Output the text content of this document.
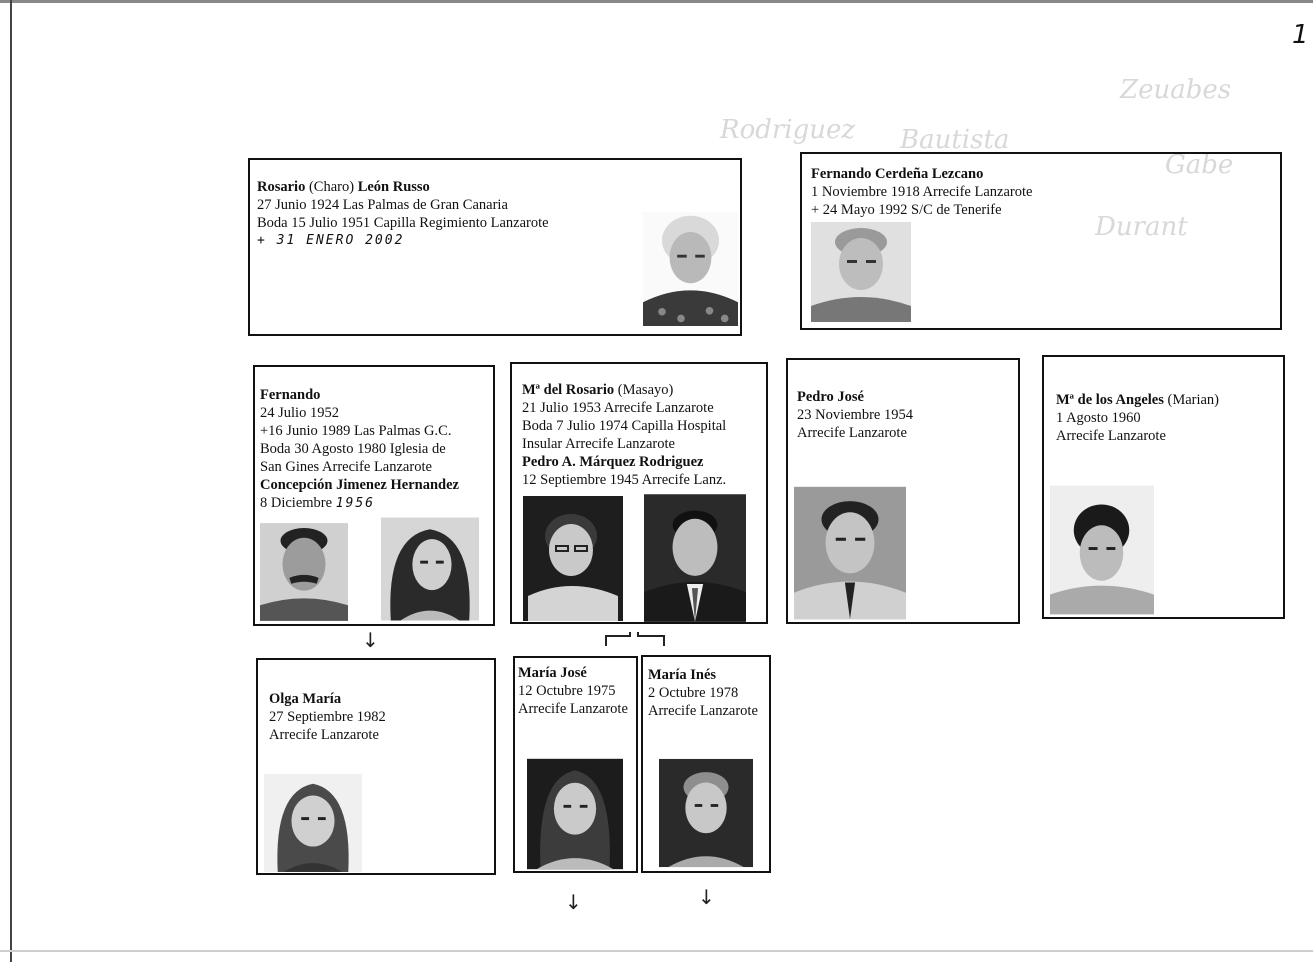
1
Zeuabes
Gabe
Rodriguez Bautista
Durant
Rosario (Charo) León Russo
27 Junio 1924 Las Palmas de Gran Canaria
Boda 15 Julio 1951 Capilla Regimiento Lanzarote
+ 31 ENERO 2002
Fernando Cerdeña Lezcano
1 Noviembre 1918 Arrecife Lanzarote
+ 24 Mayo 1992 S/C de Tenerife
Fernando
24 Julio 1952
+16 Junio 1989 Las Palmas G.C.
Boda 30 Agosto 1980 Iglesia de
San Gines Arrecife Lanzarote
Concepción Jimenez Hernandez
8 Diciembre 1956
Mª del Rosario (Masayo)
21 Julio 1953 Arrecife Lanzarote
Boda 7 Julio 1974 Capilla Hospital
Insular Arrecife Lanzarote
Pedro A. Márquez Rodriguez
12 Septiembre 1945 Arrecife Lanz.
Pedro José
23 Noviembre 1954
Arrecife Lanzarote
Mª de los Angeles (Marian)
1 Agosto 1960
Arrecife Lanzarote
↓
Olga María
27 Septiembre 1982
Arrecife Lanzarote
María José
12 Octubre 1975
Arrecife Lanzarote
María Inés
2 Octubre 1978
Arrecife Lanzarote
↓	↓
